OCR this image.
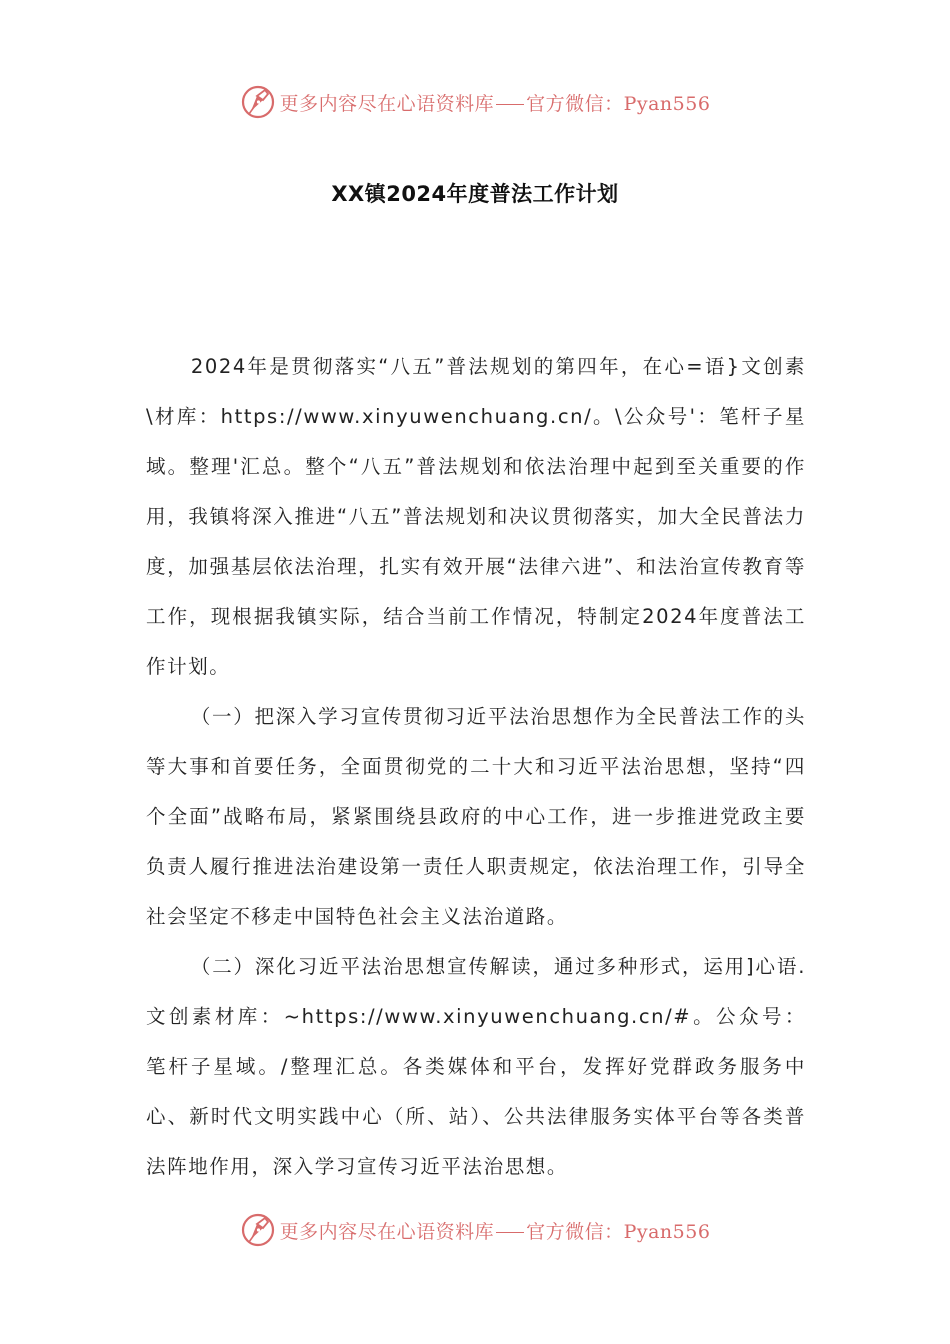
更多内容尽在心语资料库 官方微信：Pyan556
XX镇2024年度普法工作计划

2024年是贯彻落实“八五”普法规划的第四年，在心=语}文创素\材库：https://www.xinyuwenchuang.cn/。\公众号'：笔杆子星域。整理'汇总。整个“八五”普法规划和依法治理中起到至关重要的作用，我镇将深入推进“八五”普法规划和决议贯彻落实，加大全民普法力度，加强基层依法治理，扎实有效开展“法律六进”、和法治宣传教育等工作，现根据我镇实际，结合当前工作情况，特制定2024年度普法工作计划。

（一）把深入学习宣传贯彻习近平法治思想作为全民普法工作的头等大事和首要任务，全面贯彻党的二十大和习近平法治思想，坚持“四个全面”战略布局，紧紧围绕县政府的中心工作，进一步推进党政主要负责人履行推进法治建设第一责任人职责规定，依法治理工作，引导全社会坚定不移走中国特色社会主义法治道路。

（二）深化习近平法治思想宣传解读，通过多种形式，运用]心语.文创素材库：~https://www.xinyuwenchuang.cn/#。公众号：笔杆子星域。/整理汇总。各类媒体和平台，发挥好党群政务服务中心、新时代文明实践中心（所、站）、公共法律服务实体平台等各类普法阵地作用，深入学习宣传习近平法治思想。

更多内容尽在心语资料库 官方微信：Pyan556
